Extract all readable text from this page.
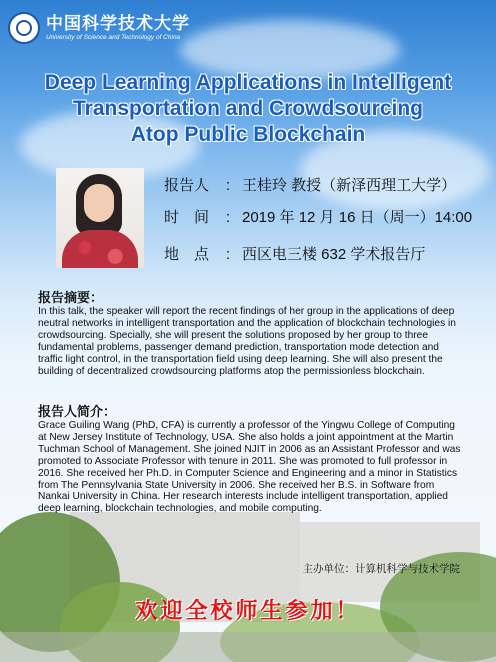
中国科学技术大学
University of Science and Technology of China
Deep Learning Applications in Intelligent
Transportation and Crowdsourcing
Atop Public Blockchain
报告人 : 王桂玲 教授（新泽西理工大学）
时　间 : 2019 年 12 月 16 日（周一）14:00
地　点 : 西区电三楼 632 学术报告厅
报告摘要：
In this talk, the speaker will report the recent findings of her group in the applications of deep neutral networks in intelligent transportation and the application of blockchain technologies in crowdsourcing. Specially, she will present the solutions proposed by her group to three fundamental problems, passenger demand prediction, transportation mode detection and traffic light control, in the transportation field using deep learning. She will also present the building of decentralized crowdsourcing platforms atop the permissionless blockchain.
报告人简介：
Grace Guiling Wang (PhD, CFA) is currently a professor of the Yingwu College of Computing at New Jersey Institute of Technology, USA. She also holds a joint appointment at the Martin Tuchman School of Management. She joined NJIT in 2006 as an Assistant Professor and was promoted to Associate Professor with tenure in 2011. She was promoted to full professor in 2016. She received her Ph.D. in Computer Science and Engineering and a minor in Statistics from The Pennsylvania State University in 2006. She received her B.S. in Software from Nankai University in China. Her research interests include intelligent transportation, applied deep learning, blockchain technologies, and mobile computing.
主办单位：计算机科学与技术学院
欢迎全校师生参加！
